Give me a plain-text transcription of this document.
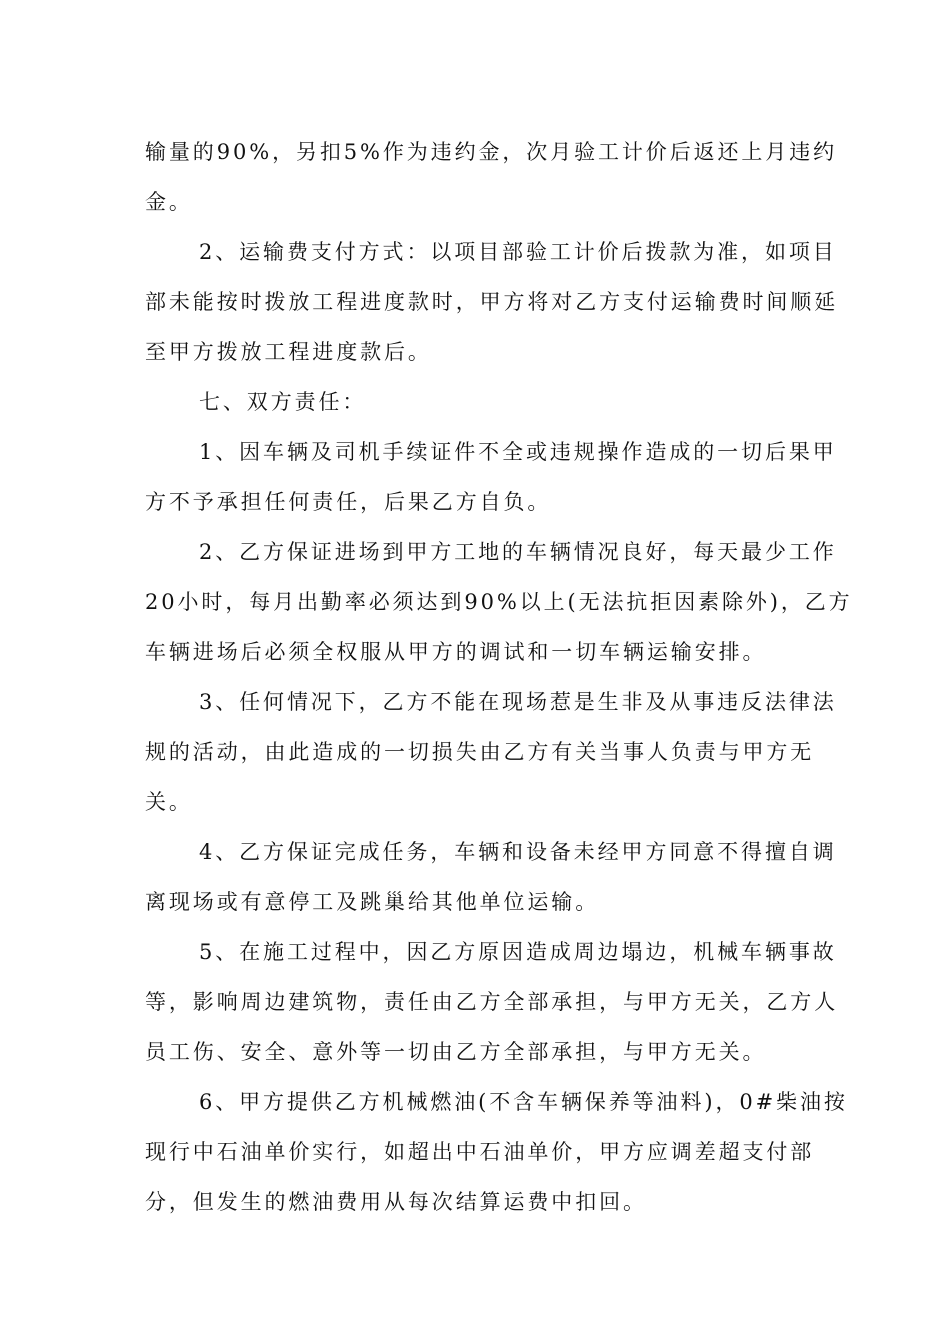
输量的90%，另扣5%作为违约金，次月验工计价后返还上月违约
金。
2、运输费支付方式：以项目部验工计价后拨款为准，如项目
部未能按时拨放工程进度款时，甲方将对乙方支付运输费时间顺延
至甲方拨放工程进度款后。
七、双方责任：
1、因车辆及司机手续证件不全或违规操作造成的一切后果甲
方不予承担任何责任，后果乙方自负。
2、乙方保证进场到甲方工地的车辆情况良好，每天最少工作
20小时，每月出勤率必须达到90%以上(无法抗拒因素除外)，乙方
车辆进场后必须全权服从甲方的调试和一切车辆运输安排。
3、任何情况下，乙方不能在现场惹是生非及从事违反法律法
规的活动，由此造成的一切损失由乙方有关当事人负责与甲方无
关。
4、乙方保证完成任务，车辆和设备未经甲方同意不得擅自调
离现场或有意停工及跳巢给其他单位运输。
5、在施工过程中，因乙方原因造成周边塌边，机械车辆事故
等，影响周边建筑物，责任由乙方全部承担，与甲方无关，乙方人
员工伤、安全、意外等一切由乙方全部承担，与甲方无关。
6、甲方提供乙方机械燃油(不含车辆保养等油料)，0#柴油按
现行中石油单价实行，如超出中石油单价，甲方应调差超支付部
分，但发生的燃油费用从每次结算运费中扣回。
